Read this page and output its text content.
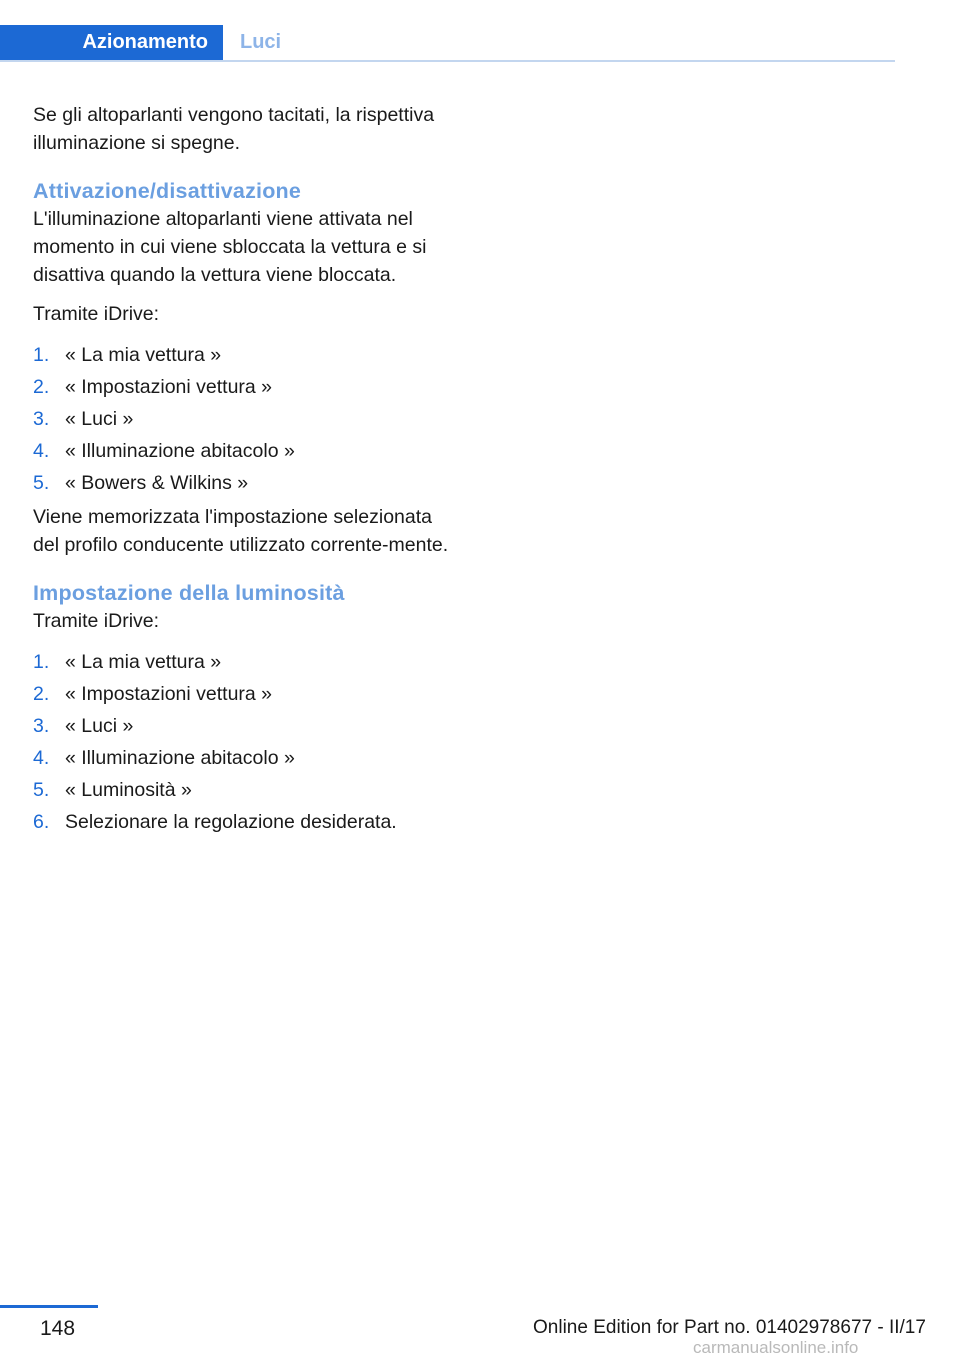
Azionamento	Luci

Se gli altoparlanti vengono tacitati, la rispettiva illuminazione si spegne.

Attivazione/disattivazione

L'illuminazione altoparlanti viene attivata nel momento in cui viene sbloccata la vettura e si disattiva quando la vettura viene bloccata.

Tramite iDrive:

1. « La mia vettura »
2. « Impostazioni vettura »
3. « Luci »
4. « Illuminazione abitacolo »
5. « Bowers & Wilkins »

Viene memorizzata l'impostazione selezionata del profilo conducente utilizzato corrente‐mente.

Impostazione della luminosità

Tramite iDrive:

1. « La mia vettura »
2. « Impostazioni vettura »
3. « Luci »
4. « Illuminazione abitacolo »
5. « Luminosità »
6. Selezionare la regolazione desiderata.
148	Online Edition for Part no. 01402978677 - II/17
carmanualsonline.info
